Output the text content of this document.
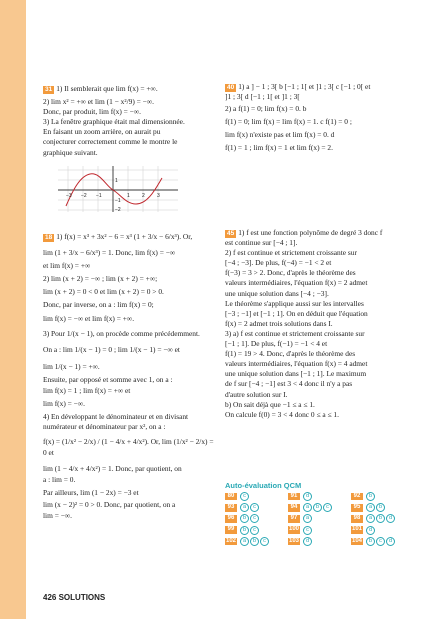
31 1) Il semblerait que lim f(x) = +∞.

2) lim x² = +∞ et lim (1 − x²/9) = −∞.

Donc, par produit, lim f(x) = −∞.

3) La fenêtre graphique était mal dimensionnée.

En faisant un zoom arrière, on aurait pu

conjecturer correctement comme le montre le

graphique suivant.

−3 −2 −1	1 2 3
1
−1
−2

40 1) a ] − 1 ; 3[ b [−1 ; 1[ et ]1 ; 3[ c [−1 ; 0[ et

]1 ; 3[ d [−1 ; 1[ et ]1 ; 3[

2) a f(1) = 0; lim f(x) = 0. b

f(1) = 0; lim f(x) = lim f(x) = 1. c f(1) = 0 ;

lim f(x) n'existe pas et lim f(x) = 0. d

f(1) = 1 ; lim f(x) = 1 et lim f(x) = 2.

18 1) f(x) = x³ + 3x² − 6 = x³ (1 + 3/x − 6/x³). Or,

lim (1 + 3/x − 6/x³) = 1. Donc, lim f(x) = −∞

et lim f(x) = +∞

2) lim (x + 2) = −∞ ; lim (x + 2) = +∞;

lim (x + 2) = 0 < 0 et lim (x + 2) = 0 > 0.

Donc, par inverse, on a : lim f(x) = 0;

lim f(x) = −∞ et lim f(x) = +∞.

3) Pour 1/(x − 1), on procède comme précédemment.

On a : lim 1/(x − 1) = 0 ; lim 1/(x − 1) = −∞ et

lim 1/(x − 1) = +∞.

Ensuite, par opposé et somme avec 1, on a :

lim f(x) = 1 ; lim f(x) = +∞ et

lim f(x) = −∞.

4) En développant le dénominateur et en divisant

numérateur et dénominateur par x², on a :

f(x) = (1/x² − 2/x) / (1 − 4/x + 4/x²). Or, lim (1/x² − 2/x) = 0 et

lim (1 − 4/x + 4/x²) = 1. Donc, par quotient, on

a : lim = 0.

Par ailleurs, lim (1 − 2x) = −3 et

lim (x − 2)² = 0 > 0. Donc, par quotient, on a

lim = −∞.

45 1) f est une fonction polynôme de degré 3 donc f

est continue sur [−4 ; 1].

2) f est continue et strictement croissante sur

[−4 ; −3]. De plus, f(−4) = −1 < 2 et

f(−3) = 3 > 2. Donc, d'après le théorème des

valeurs intermédiaires, l'équation f(x) = 2 admet

une unique solution dans [−4 ; −3].

Le théorème s'applique aussi sur les intervalles

[−3 ; −1] et [−1 ; 1]. On en déduit que l'équation

f(x) = 2 admet trois solutions dans I.

3) a) f est continue et strictement croissante sur

[−1 ; 1]. De plus, f(−1) = −1 < 4 et

f(1) = 19 > 4. Donc, d'après le théorème des

valeurs intermédiaires, l'équation f(x) = 4 admet

une unique solution dans [−1 ; 1]. Le maximum

de f sur [−4 ; −1] est 3 < 4 donc il n'y a pas

d'autre solution sur I.

b) On sait déjà que −1 ≤ a ≤ 1.

On calcule f(0) = 3 < 4 donc 0 ≤ a ≤ 1.

Auto-évaluation QCM
80	c	91	d	92	b
93	a	c	94	a	b	c	95	a	b
96	b	c	97	a	98	a	b	d
99	b	c	100	c	101	d
102	a	b	c	103	d	104	b	c	d
426 SOLUTIONS
